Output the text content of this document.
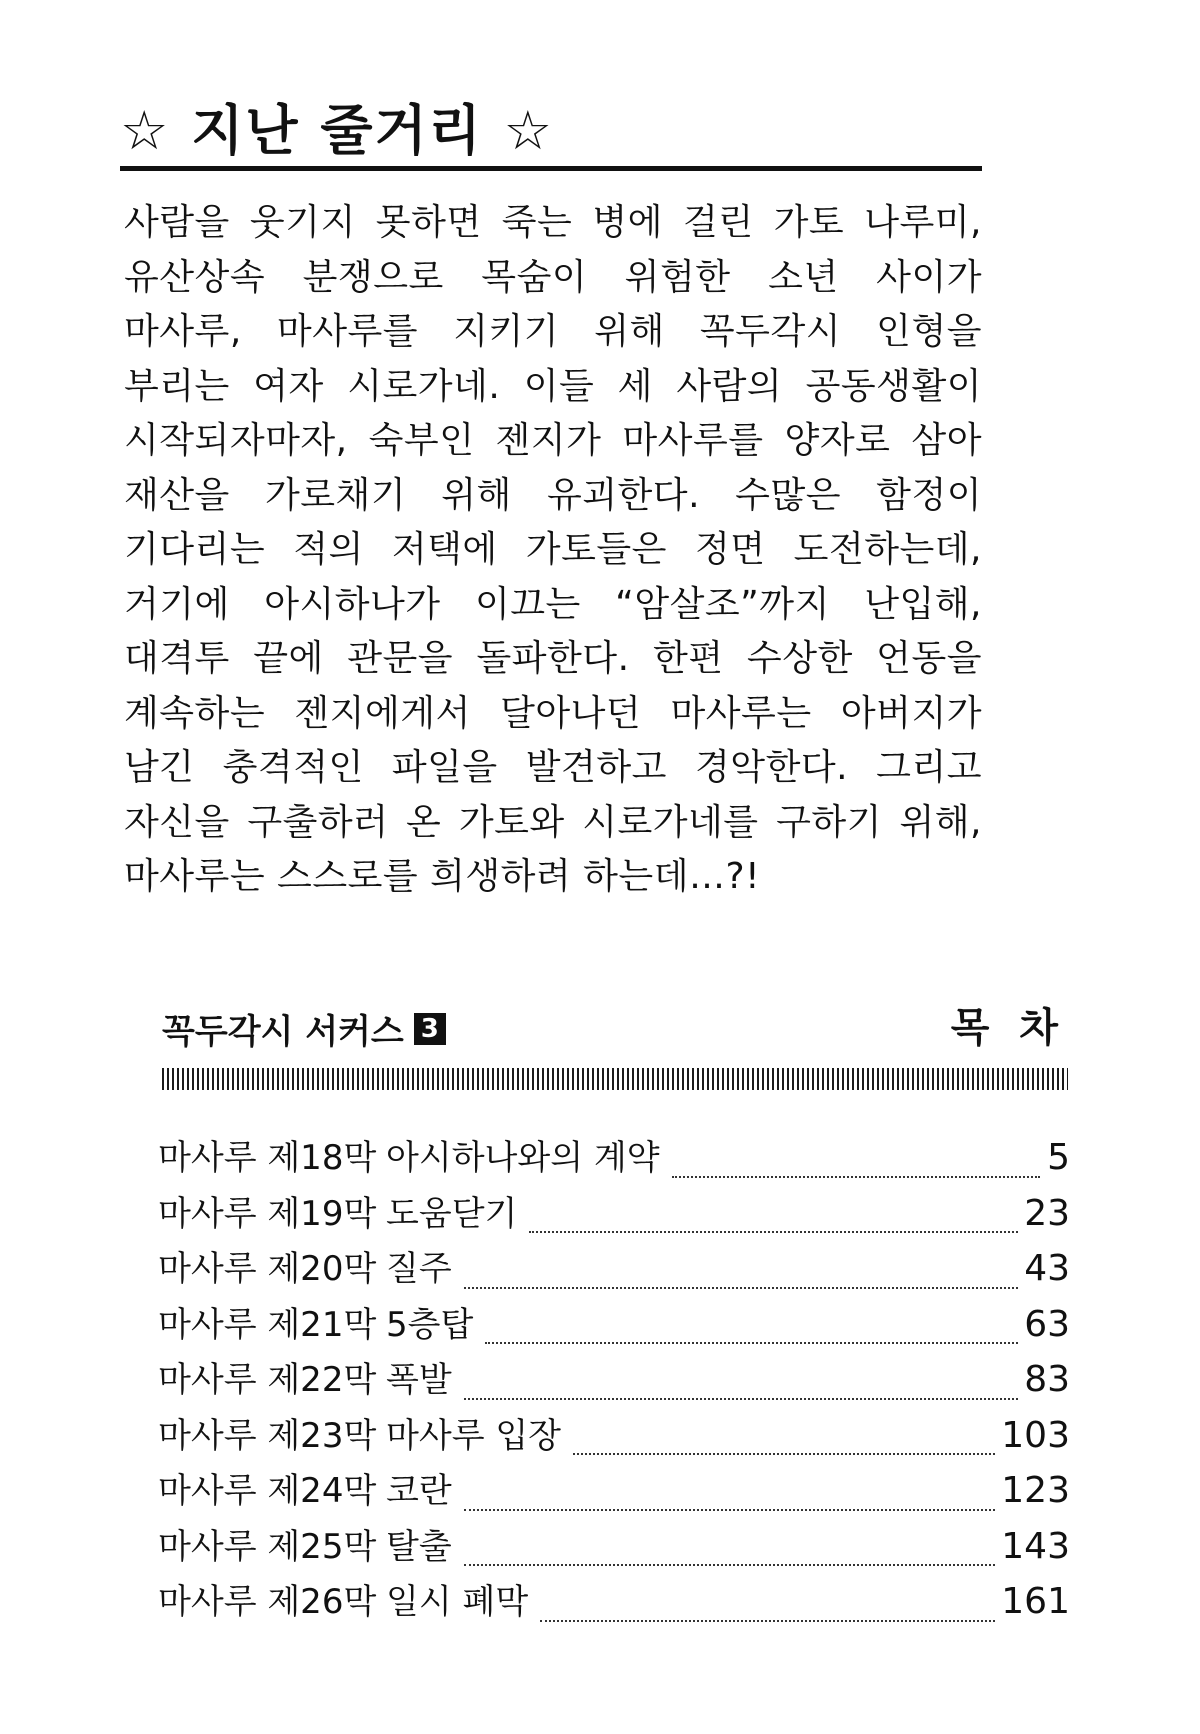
☆ 지난 줄거리 ☆
사람을 웃기지 못하면 죽는 병에 걸린 가토 나루미, 유산상속 분쟁으로 목숨이 위험한 소년 사이가 마사루, 마사루를 지키기 위해 꼭두각시 인형을 부리는 여자 시로가네. 이들 세 사람의 공동생활이 시작되자마자, 숙부인 젠지가 마사루를 양자로 삼아 재산을 가로채기 위해 유괴한다. 수많은 함정이 기다리는 적의 저택에 가토들은 정면 도전하는데, 거기에 아시하나가 이끄는 “암살조”까지 난입해, 대격투 끝에 관문을 돌파한다. 한편 수상한 언동을 계속하는 젠지에게서 달아나던 마사루는 아버지가 남긴 충격적인 파일을 발견하고 경악한다. 그리고 자신을 구출하러 온 가토와 시로가네를 구하기 위해, 마사루는 스스로를 희생하려 하는데…?!
꼭두각시 서커스 3	목 차
마사루 제18막 아시하나와의 계약	5
마사루 제19막 도움닫기	23
마사루 제20막 질주	43
마사루 제21막 5층탑	63
마사루 제22막 폭발	83
마사루 제23막 마사루 입장	103
마사루 제24막 코란	123
마사루 제25막 탈출	143
마사루 제26막 일시 폐막	161
